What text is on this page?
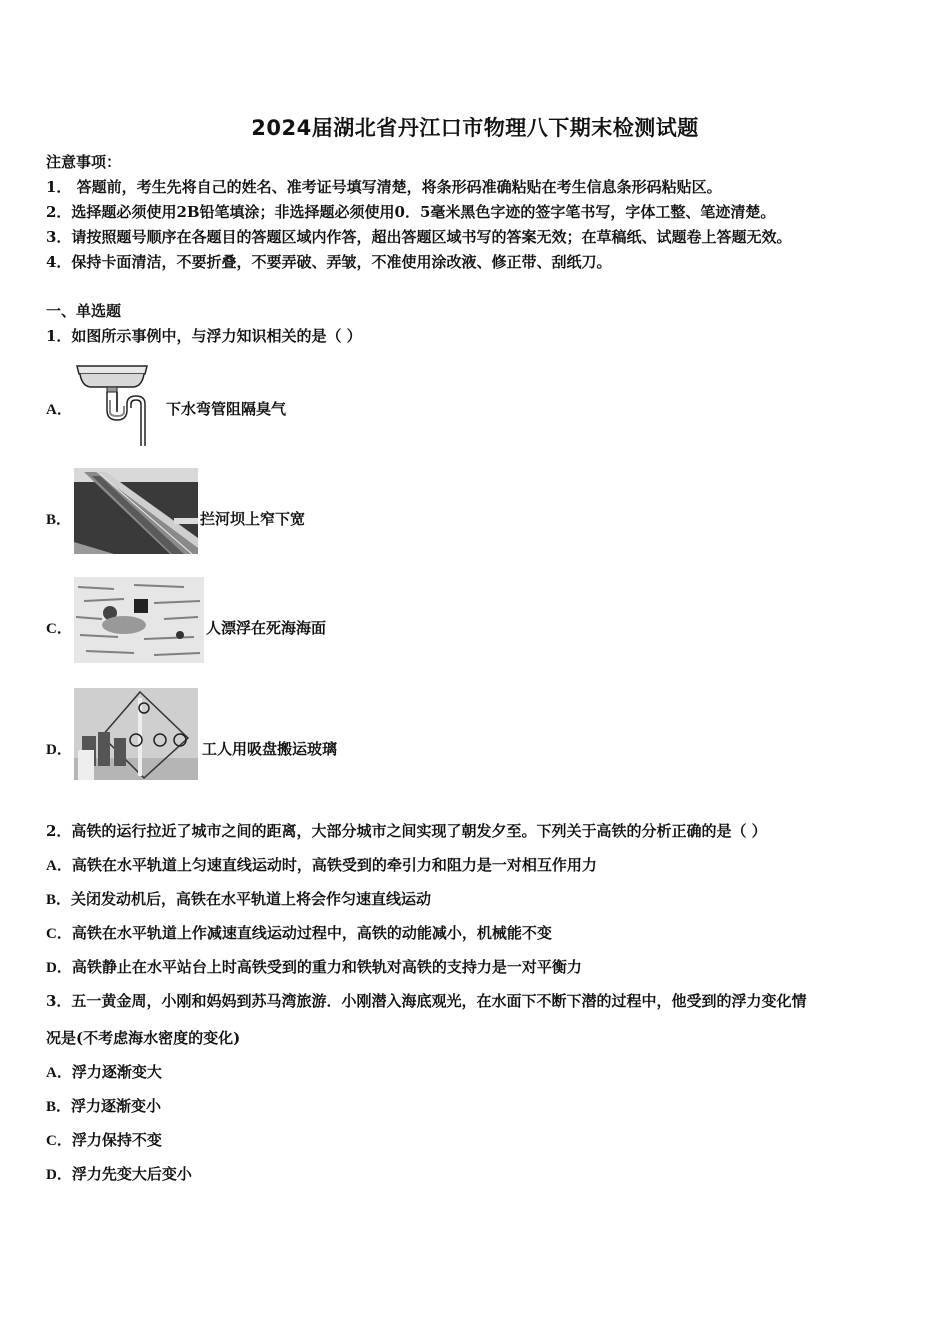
2024届湖北省丹江口市物理八下期末检测试题
注意事项：
1． 答题前，考生先将自己的姓名、准考证号填写清楚，将条形码准确粘贴在考生信息条形码粘贴区。
2．选择题必须使用2B铅笔填涂；非选择题必须使用0．5毫米黑色字迹的签字笔书写，字体工整、笔迹清楚。
3．请按照题号顺序在各题目的答题区域内作答，超出答题区域书写的答案无效；在草稿纸、试题卷上答题无效。
4．保持卡面清洁，不要折叠，不要弄破、弄皱，不准使用涂改液、修正带、刮纸刀。
一、单选题
1．如图所示事例中，与浮力知识相关的是（ ）
A．	下水弯管阻隔臭气
B．	拦河坝上窄下宽
C．	人漂浮在死海海面
D．	工人用吸盘搬运玻璃
2．高铁的运行拉近了城市之间的距离，大部分城市之间实现了朝发夕至。下列关于高铁的分析正确的是（ ）
A．高铁在水平轨道上匀速直线运动时，高铁受到的牵引力和阻力是一对相互作用力
B．关闭发动机后，高铁在水平轨道上将会作匀速直线运动
C．高铁在水平轨道上作减速直线运动过程中，高铁的动能减小，机械能不变
D．高铁静止在水平站台上时高铁受到的重力和铁轨对高铁的支持力是一对平衡力
3．五一黄金周，小刚和妈妈到苏马湾旅游．小刚潜入海底观光，在水面下不断下潜的过程中，他受到的浮力变化情
况是(不考虑海水密度的变化)
A．浮力逐渐变大
B．浮力逐渐变小
C．浮力保持不变
D．浮力先变大后变小
